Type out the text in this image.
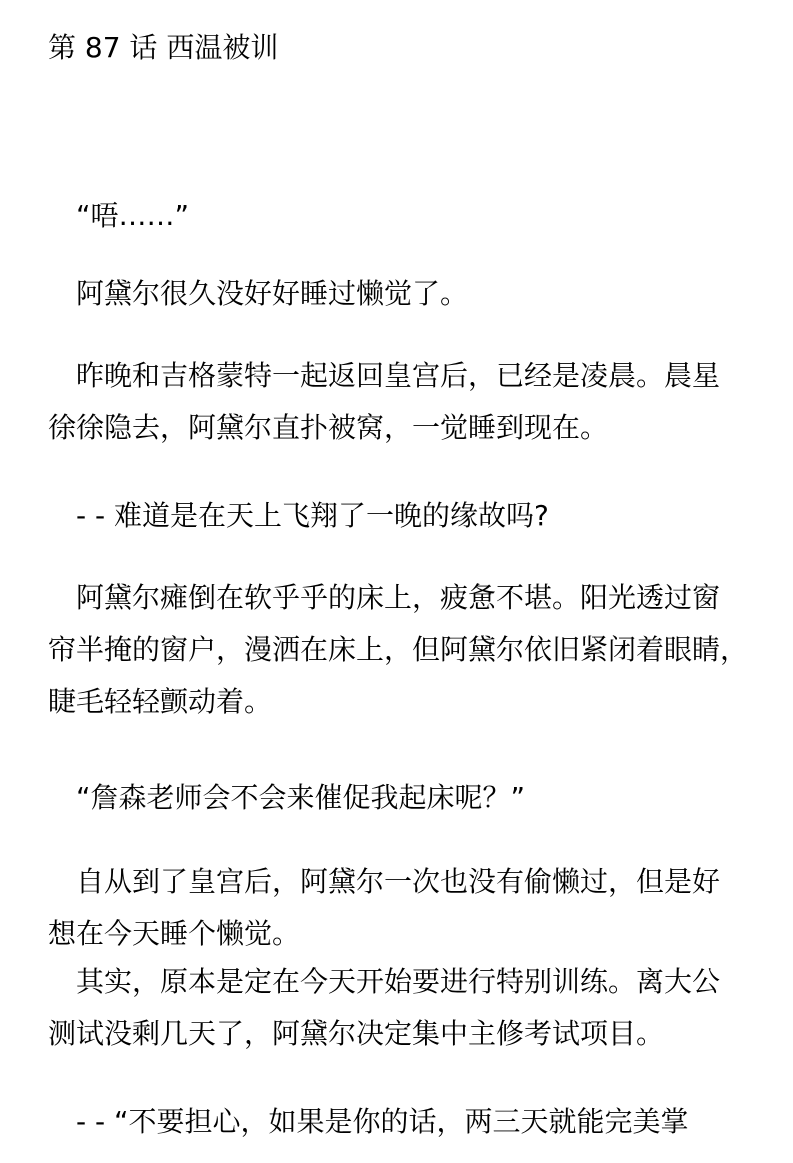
第 87 话 西温被训

　“唔……”

　阿黛尔很久没好好睡过懒觉了。

　昨晚和吉格蒙特一起返回皇宫后，已经是凌晨。晨星
徐徐隐去，阿黛尔直扑被窝，一觉睡到现在。

　- - 难道是在天上飞翔了一晚的缘故吗?

　阿黛尔瘫倒在软乎乎的床上，疲惫不堪。阳光透过窗
帘半掩的窗户，漫洒在床上，但阿黛尔依旧紧闭着眼睛，
睫毛轻轻颤动着。

　“詹森老师会不会来催促我起床呢？”

　自从到了皇宫后，阿黛尔一次也没有偷懒过，但是好
想在今天睡个懒觉。

　其实，原本是定在今天开始要进行特别训练。离大公
测试没剩几天了，阿黛尔决定集中主修考试项目。

　- - “不要担心，如果是你的话，两三天就能完美掌
